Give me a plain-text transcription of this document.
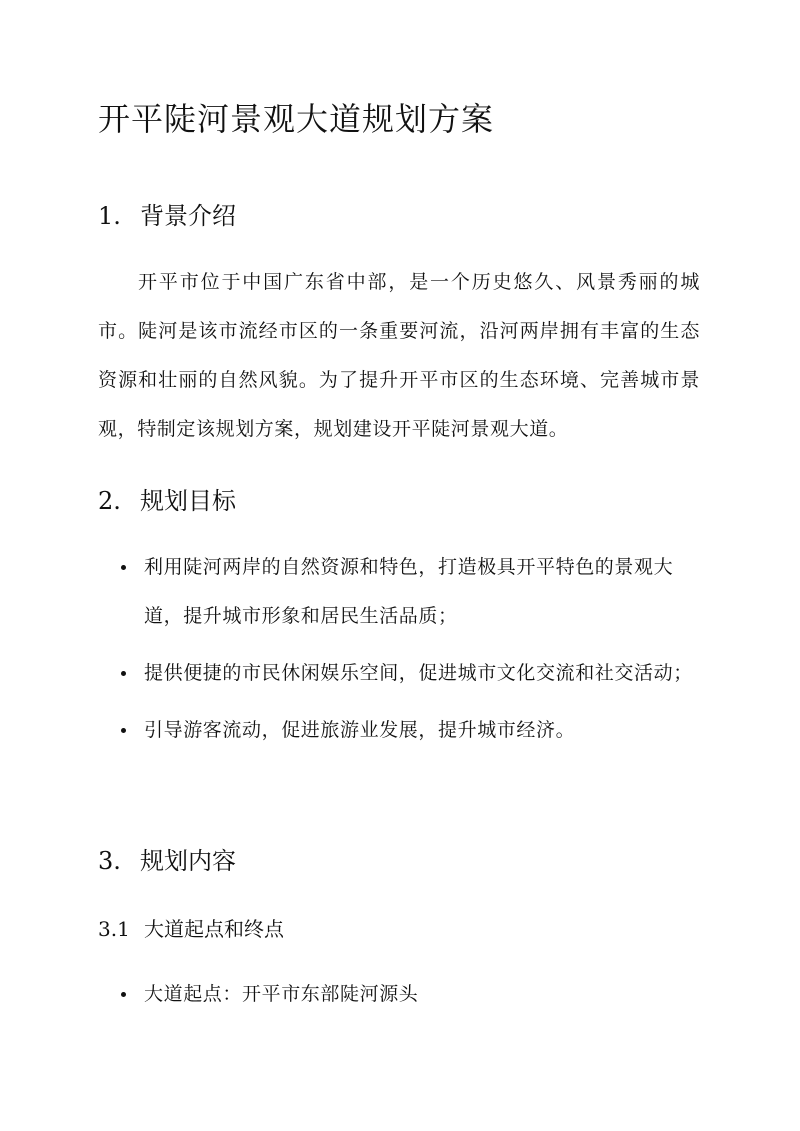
开平陡河景观大道规划方案
1. 背景介绍

开平市位于中国广东省中部，是一个历史悠久、风景秀丽的城市。陡河是该市流经市区的一条重要河流，沿河两岸拥有丰富的生态资源和壮丽的自然风貌。为了提升开平市区的生态环境、完善城市景观，特制定该规划方案，规划建设开平陡河景观大道。

2. 规划目标
利用陡河两岸的自然资源和特色，打造极具开平特色的景观大道，提升城市形象和居民生活品质；
提供便捷的市民休闲娱乐空间，促进城市文化交流和社交活动；
引导游客流动，促进旅游业发展，提升城市经济。
3. 规划内容
3.1 大道起点和终点
大道起点：开平市东部陡河源头
